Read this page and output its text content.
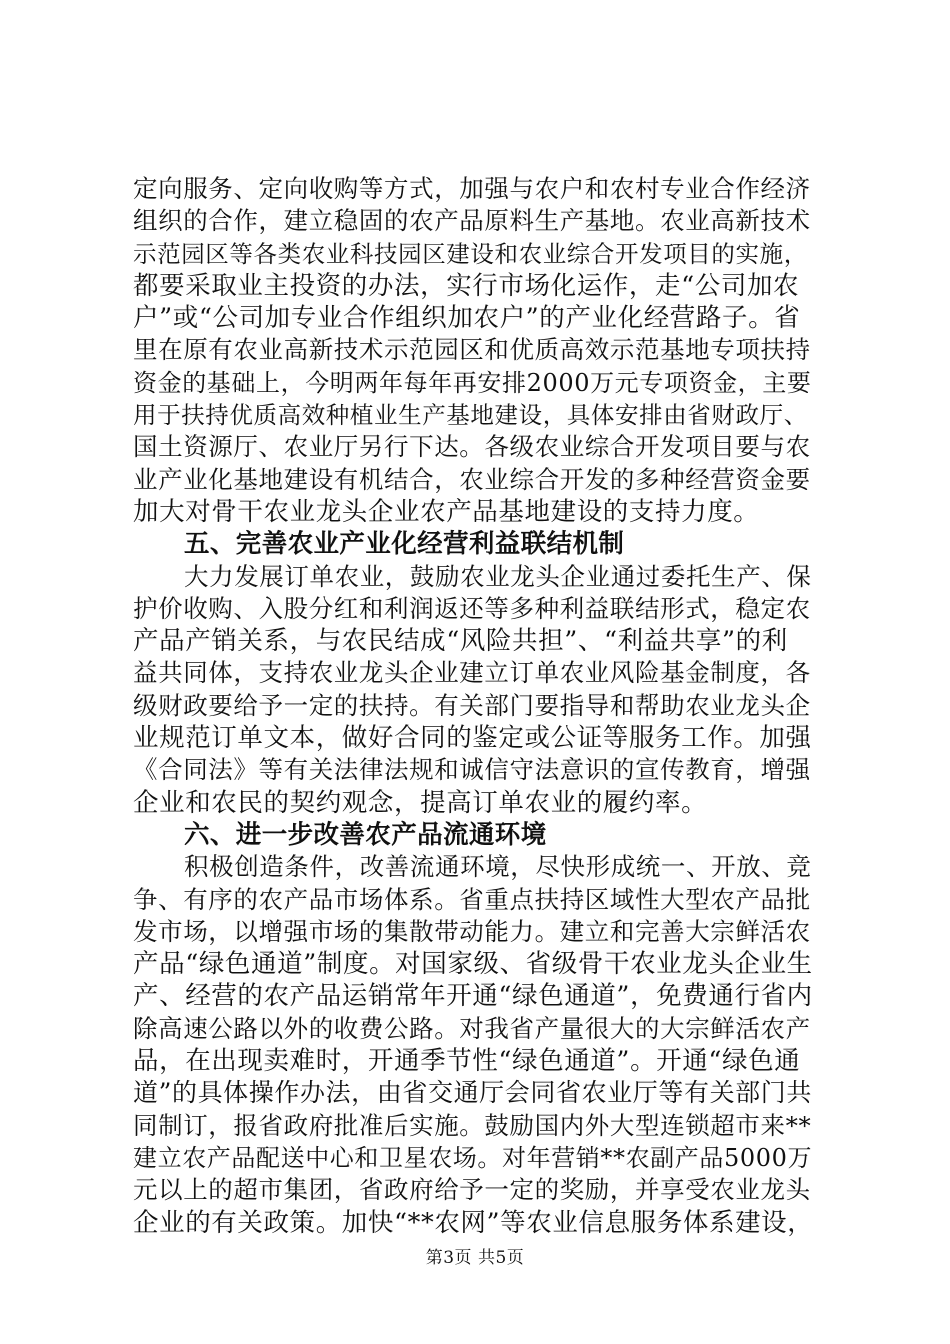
定向服务、定向收购等方式，加强与农户和农村专业合作经济
组织的合作，建立稳固的农产品原料生产基地。农业高新技术
示范园区等各类农业科技园区建设和农业综合开发项目的实施，
都要采取业主投资的办法，实行市场化运作，走“公司加农
户”或“公司加专业合作组织加农户”的产业化经营路子。省
里在原有农业高新技术示范园区和优质高效示范基地专项扶持
资金的基础上，今明两年每年再安排2000万元专项资金，主要
用于扶持优质高效种植业生产基地建设，具体安排由省财政厅、
国土资源厅、农业厅另行下达。各级农业综合开发项目要与农
业产业化基地建设有机结合，农业综合开发的多种经营资金要
加大对骨干农业龙头企业农产品基地建设的支持力度。
五、完善农业产业化经营利益联结机制
大力发展订单农业，鼓励农业龙头企业通过委托生产、保
护价收购、入股分红和利润返还等多种利益联结形式，稳定农
产品产销关系，与农民结成“风险共担”、“利益共享”的利
益共同体，支持农业龙头企业建立订单农业风险基金制度，各
级财政要给予一定的扶持。有关部门要指导和帮助农业龙头企
业规范订单文本，做好合同的鉴定或公证等服务工作。加强
《合同法》等有关法律法规和诚信守法意识的宣传教育，增强
企业和农民的契约观念，提高订单农业的履约率。
六、进一步改善农产品流通环境
积极创造条件，改善流通环境，尽快形成统一、开放、竞
争、有序的农产品市场体系。省重点扶持区域性大型农产品批
发市场，以增强市场的集散带动能力。建立和完善大宗鲜活农
产品“绿色通道”制度。对国家级、省级骨干农业龙头企业生
产、经营的农产品运销常年开通“绿色通道”，免费通行省内
除高速公路以外的收费公路。对我省产量很大的大宗鲜活农产
品，在出现卖难时，开通季节性“绿色通道”。开通“绿色通
道”的具体操作办法，由省交通厅会同省农业厅等有关部门共
同制订，报省政府批准后实施。鼓励国内外大型连锁超市来**
建立农产品配送中心和卫星农场。对年营销**农副产品5000万
元以上的超市集团，省政府给予一定的奖励，并享受农业龙头
企业的有关政策。加快“**农网”等农业信息服务体系建设，
第3页 共5页
